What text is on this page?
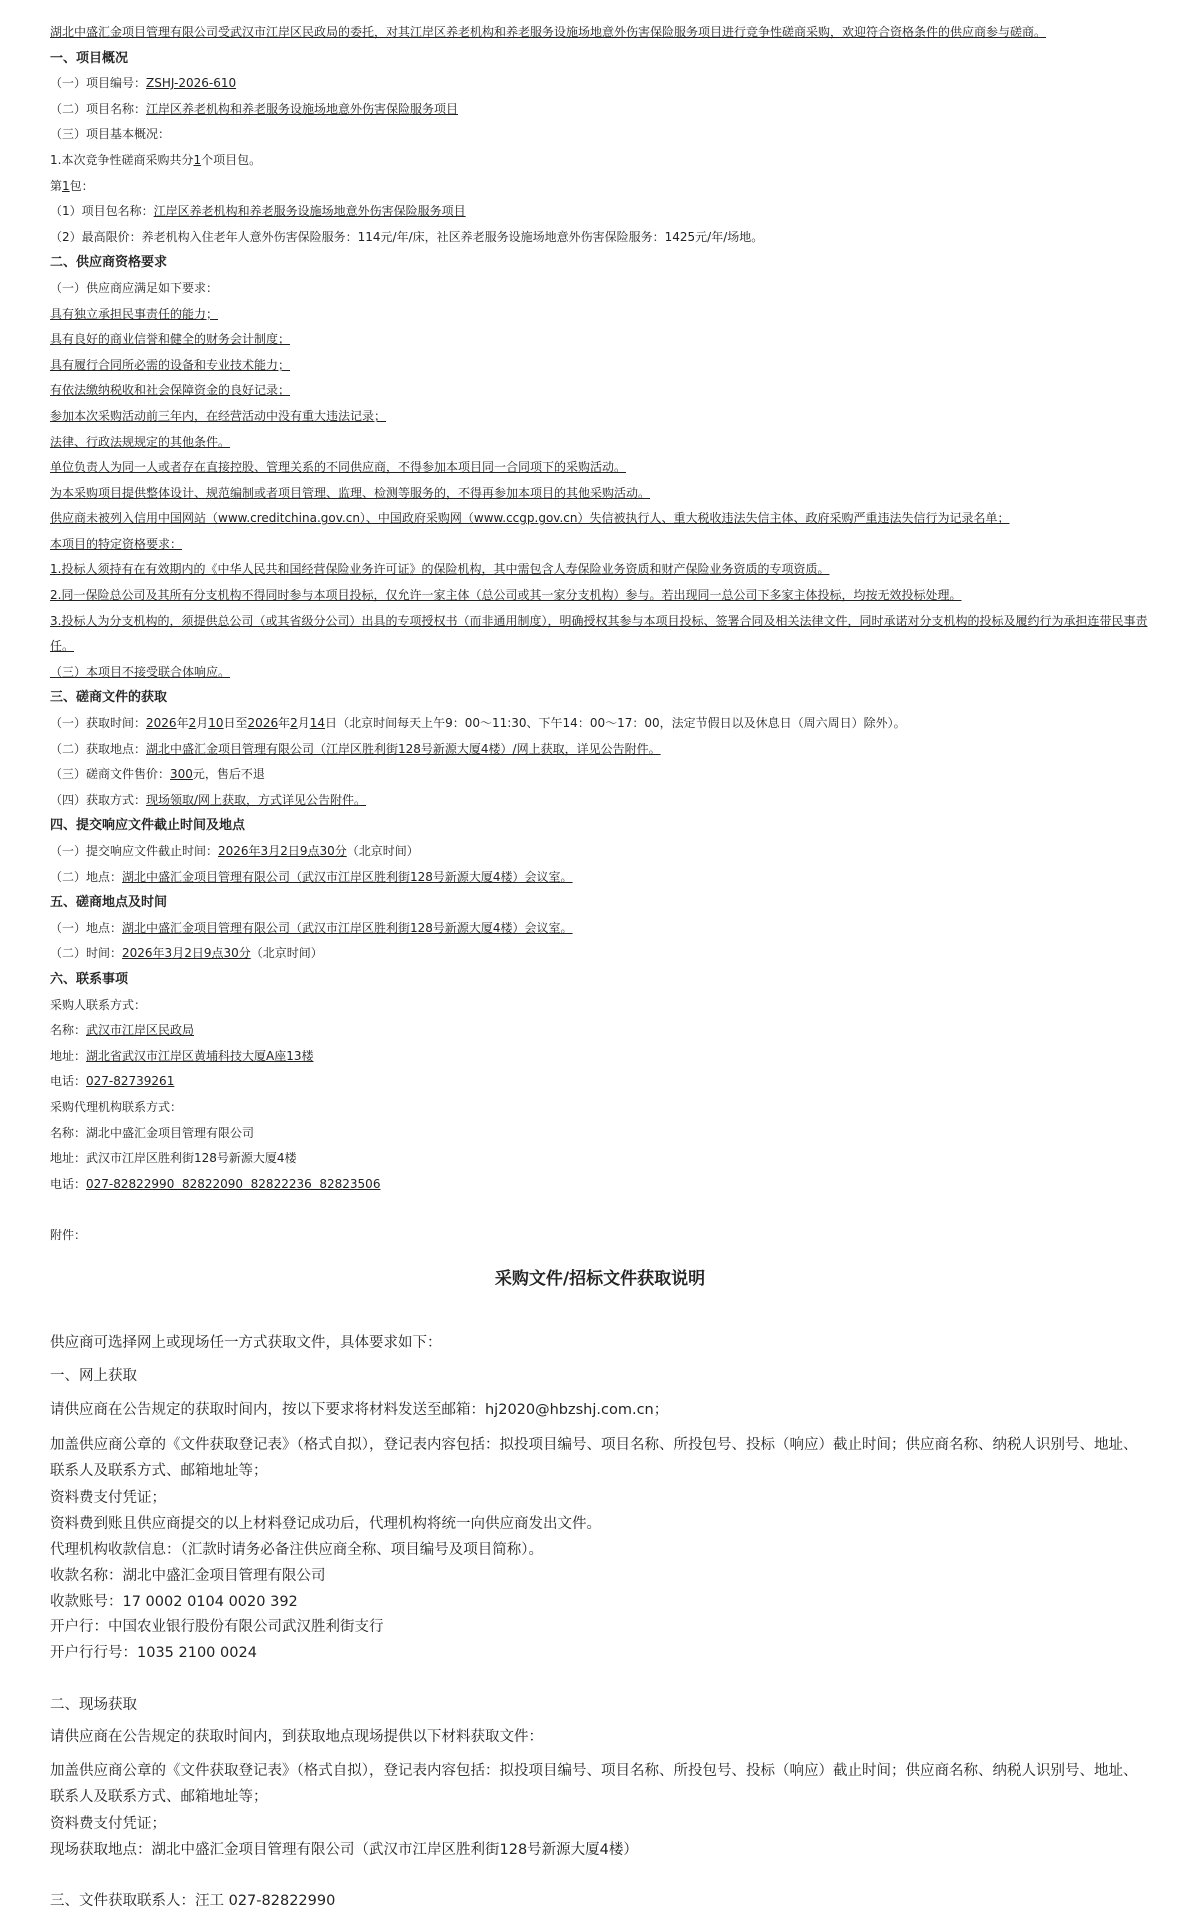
湖北中盛汇金项目管理有限公司受武汉市江岸区民政局的委托，对其江岸区养老机构和养老服务设施场地意外伤害保险服务项目进行竞争性磋商采购，欢迎符合资格条件的供应商参与磋商。

一、项目概况

（一）项目编号：ZSHJ-2026-610

（二）项目名称：江岸区养老机构和养老服务设施场地意外伤害保险服务项目

（三）项目基本概况：

1.本次竞争性磋商采购共分1个项目包。

第1包：

（1）项目包名称：江岸区养老机构和养老服务设施场地意外伤害保险服务项目

（2）最高限价：养老机构入住老年人意外伤害保险服务：114元/年/床，社区养老服务设施场地意外伤害保险服务：1425元/年/场地。

二、供应商资格要求

（一）供应商应满足如下要求：

具有独立承担民事责任的能力；

具有良好的商业信誉和健全的财务会计制度；

具有履行合同所必需的设备和专业技术能力；

有依法缴纳税收和社会保障资金的良好记录；

参加本次采购活动前三年内，在经营活动中没有重大违法记录；

法律、行政法规规定的其他条件。

单位负责人为同一人或者存在直接控股、管理关系的不同供应商，不得参加本项目同一合同项下的采购活动。

为本采购项目提供整体设计、规范编制或者项目管理、监理、检测等服务的，不得再参加本项目的其他采购活动。

供应商未被列入信用中国网站（www.creditchina.gov.cn）、中国政府采购网（www.ccgp.gov.cn）失信被执行人、重大税收违法失信主体、政府采购严重违法失信行为记录名单；

本项目的特定资格要求：

1.投标人须持有在有效期内的《中华人民共和国经营保险业务许可证》的保险机构，其中需包含人寿保险业务资质和财产保险业务资质的专项资质。

2.同一保险总公司及其所有分支机构不得同时参与本项目投标，仅允许一家主体（总公司或其一家分支机构）参与。若出现同一总公司下多家主体投标，均按无效投标处理。

3.投标人为分支机构的，须提供总公司（或其省级分公司）出具的专项授权书（而非通用制度），明确授权其参与本项目投标、签署合同及相关法律文件，同时承诺对分支机构的投标及履约行为承担连带民事责任。

（三）本项目不接受联合体响应。

三、磋商文件的获取

（一）获取时间：2026年2月10日至2026年2月14日（北京时间每天上午9：00～11:30、下午14：00～17：00，法定节假日以及休息日（周六周日）除外）。

（二）获取地点：湖北中盛汇金项目管理有限公司（江岸区胜利街128号新源大厦4楼）/网上获取，详见公告附件。

（三）磋商文件售价：300元，售后不退

（四）获取方式：现场领取/网上获取，方式详见公告附件。

四、提交响应文件截止时间及地点

（一）提交响应文件截止时间：2026年3月2日9点30分（北京时间）

（二）地点：湖北中盛汇金项目管理有限公司（武汉市江岸区胜利街128号新源大厦4楼）会议室。

五、磋商地点及时间

（一）地点：湖北中盛汇金项目管理有限公司（武汉市江岸区胜利街128号新源大厦4楼）会议室。

（二）时间：2026年3月2日9点30分（北京时间）

六、联系事项

采购人联系方式：

名称：武汉市江岸区民政局

地址：湖北省武汉市江岸区黄埔科技大厦A座13楼

电话：027-82739261

采购代理机构联系方式：

名称：湖北中盛汇金项目管理有限公司

地址：武汉市江岸区胜利街128号新源大厦4楼

电话：027-82822990  82822090  82822236  82823506

附件：
采购文件/招标文件获取说明

供应商可选择网上或现场任一方式获取文件，具体要求如下：

一、网上获取

请供应商在公告规定的获取时间内，按以下要求将材料发送至邮箱：hj2020@hbzshj.com.cn；

加盖供应商公章的《文件获取登记表》（格式自拟），登记表内容包括：拟投项目编号、项目名称、所投包号、投标（响应）截止时间；供应商名称、纳税人识别号、地址、联系人及联系方式、邮箱地址等；

资料费支付凭证；

资料费到账且供应商提交的以上材料登记成功后，代理机构将统一向供应商发出文件。

代理机构收款信息：（汇款时请务必备注供应商全称、项目编号及项目简称）。

收款名称：湖北中盛汇金项目管理有限公司

收款账号：17 0002 0104 0020 392

开户行：中国农业银行股份有限公司武汉胜利街支行

开户行行号：1035 2100 0024

二、现场获取

请供应商在公告规定的获取时间内，到获取地点现场提供以下材料获取文件：

加盖供应商公章的《文件获取登记表》（格式自拟），登记表内容包括：拟投项目编号、项目名称、所投包号、投标（响应）截止时间；供应商名称、纳税人识别号、地址、联系人及联系方式、邮箱地址等；

资料费支付凭证；

现场获取地点：湖北中盛汇金项目管理有限公司（武汉市江岸区胜利街128号新源大厦4楼）

三、文件获取联系人：汪工 027-82822990
